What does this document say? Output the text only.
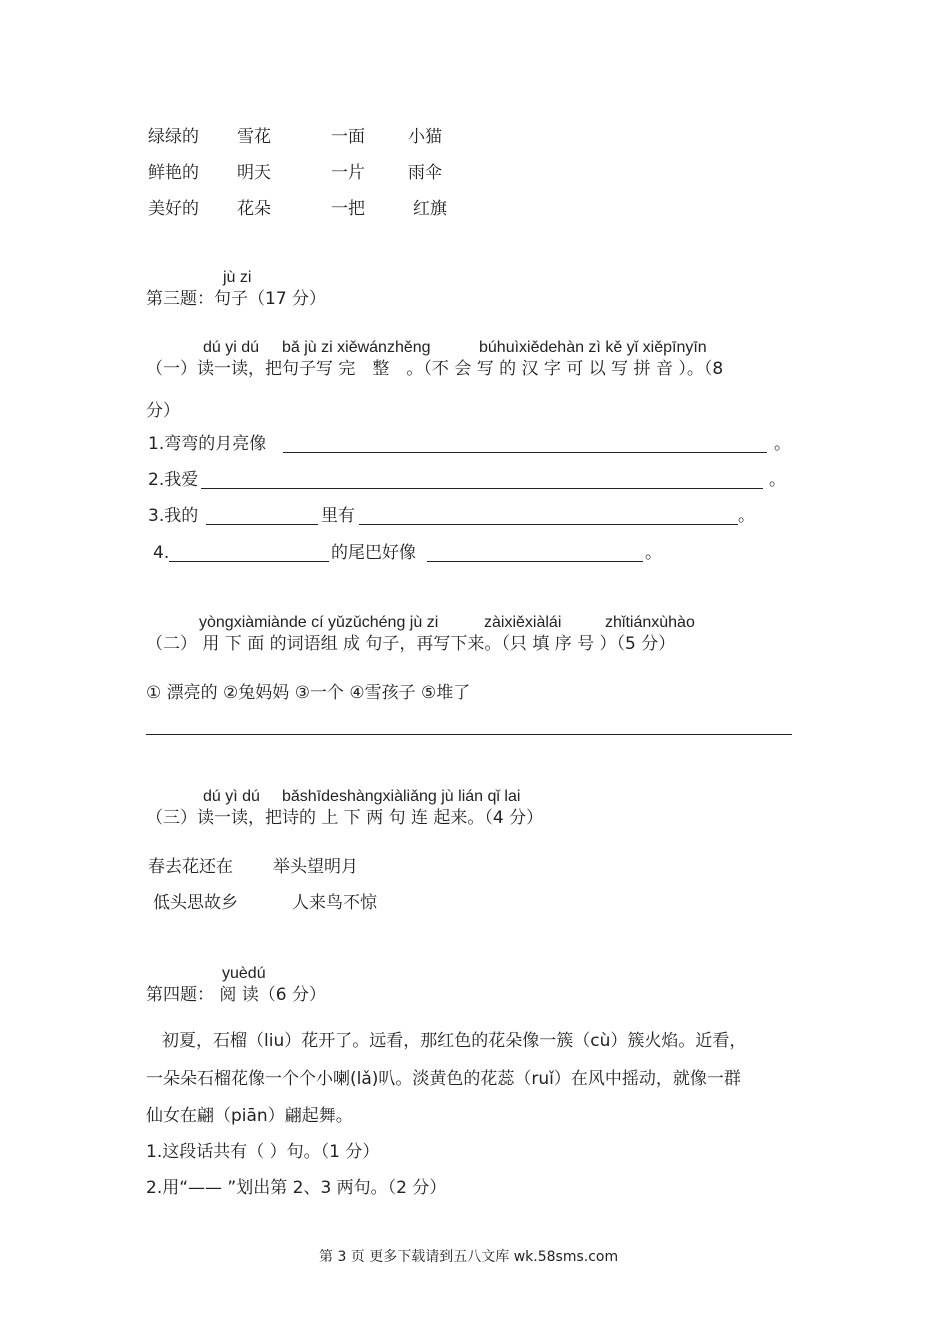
绿绿的 雪花	一面	小猫
鲜艳的 明天	一片	雨伞
美好的 花朵	一把	红旗
jù zi
第三题：句子（17 分）
dú yi dú bǎ jù zi xiěwánzhěng	búhuìxiědehàn zì kě yǐ xiěpīnyīn
（一）读一读，把句子写 完　整　。（不 会 写 的 汉 字 可 以 写 拼 音 ）。（8
分）
1.弯弯的月亮像	。
2.我爱	。
3.我的	里有	。
4.	的尾巴好像	。
yòngxiàmiànde cí yǔzǔchéng jù zi	zàixiěxiàlái	zhǐtiánxùhào
（二） 用 下 面 的词语组 成 句子，再写下来。（只 填 序 号 ）（5 分）
① 漂亮的 ②兔妈妈 ③一个 ④雪孩子 ⑤堆了
dú yì dú bǎshīdeshàngxiàliǎng jù lián qǐ lai
（三）读一读，把诗的 上 下 两 句 连 起来。（4 分）
春去花还在 举头望明月
低头思故乡	人来鸟不惊
yuèdú
第四题： 阅 读（6 分）
初夏，石榴（liu）花开了。远看，那红色的花朵像一簇（cù）簇火焰。近看，
一朵朵石榴花像一个个小喇(lǎ)叭。淡黄色的花蕊（ruǐ）在风中摇动，就像一群
仙女在翩（piān）翩起舞。
1.这段话共有（ ）句。（1 分）
2.用“—— ”划出第 2、3 两句。（2 分）
第 3 页 更多下载请到五八文库 wk.58sms.com
